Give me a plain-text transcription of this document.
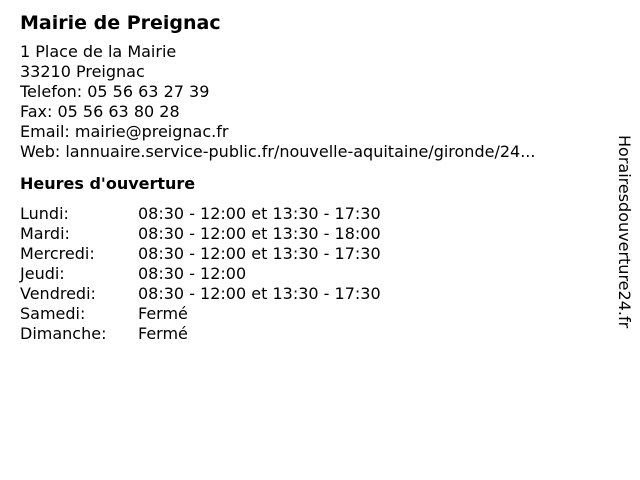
Mairie de Preignac
1 Place de la Mairie
33210 Preignac
Telefon: 05 56 63 27 39
Fax: 05 56 63 80 28
Email: mairie@preignac.fr
Web: lannuaire.service-public.fr/nouvelle-aquitaine/gironde/24...
Heures d'ouverture
Lundi:	08:30 - 12:00 et 13:30 - 17:30
Mardi:	08:30 - 12:00 et 13:30 - 18:00
Mercredi:	08:30 - 12:00 et 13:30 - 17:30
Jeudi:	08:30 - 12:00
Vendredi:	08:30 - 12:00 et 13:30 - 17:30
Samedi:	Fermé
Dimanche:	Fermé
Horairesdouverture24.fr
